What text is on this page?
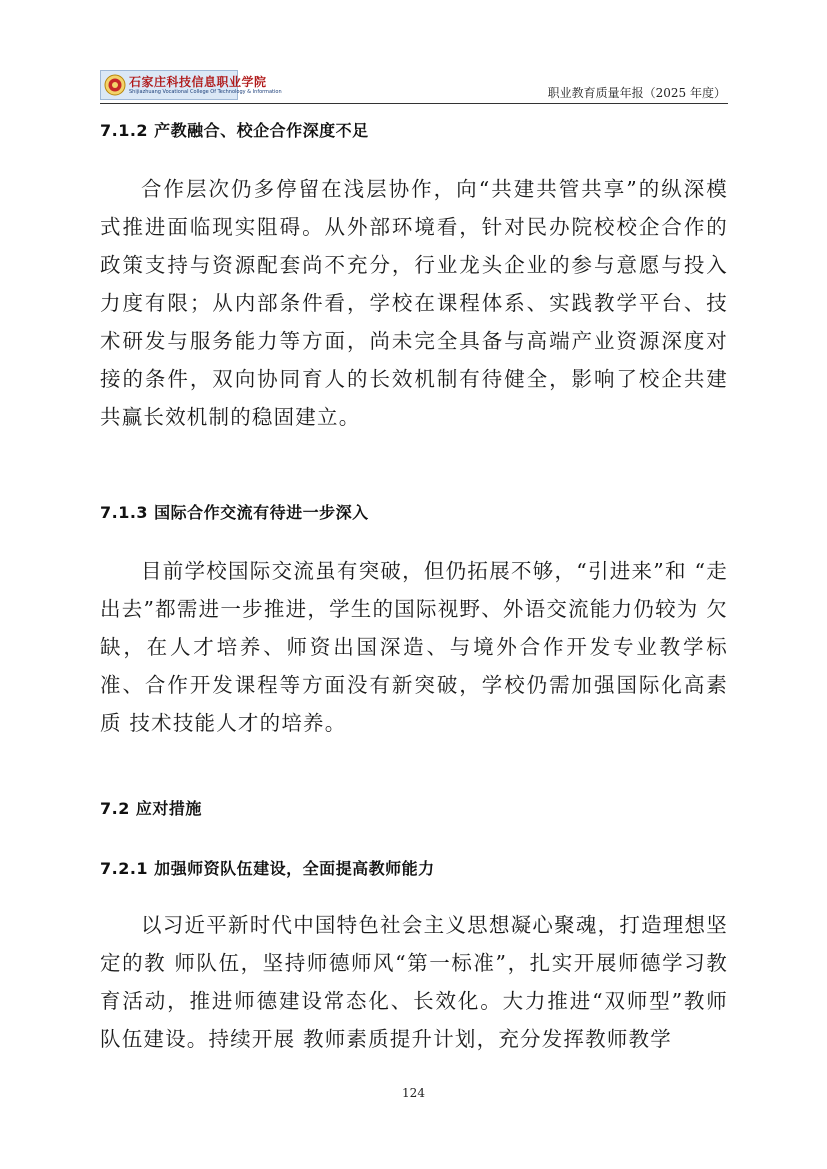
石家庄科技信息职业学院
Shijiazhuang Vocational College Of Technology & Information	职业教育质量年报（2025 年度）
7.1.2 产教融合、校企合作深度不足

合作层次仍多停留在浅层协作，向“共建共管共享”的纵深模式推进面临现实阻碍。从外部环境看，针对民办院校校企合作的政策支持与资源配套尚不充分，行业龙头企业的参与意愿与投入力度有限；从内部条件看，学校在课程体系、实践教学平台、技术研发与服务能力等方面，尚未完全具备与高端产业资源深度对接的条件，双向协同育人的长效机制有待健全，影响了校企共建共赢长效机制的稳固建立。

7.1.3 国际合作交流有待进一步深入

目前学校国际交流虽有突破，但仍拓展不够，“引进来”和 “走出去”都需进一步推进，学生的国际视野、外语交流能力仍较为 欠缺，在人才培养、师资出国深造、与境外合作开发专业教学标准、合作开发课程等方面没有新突破，学校仍需加强国际化高素质 技术技能人才的培养。

7.2 应对措施
7.2.1 加强师资队伍建设，全面提高教师能力

以习近平新时代中国特色社会主义思想凝心聚魂，打造理想坚定的教 师队伍，坚持师德师风“第一标准”，扎实开展师德学习教育活动，推进师德建设常态化、长效化。大力推进“双师型”教师队伍建设。持续开展 教师素质提升计划，充分发挥教师教学

124
